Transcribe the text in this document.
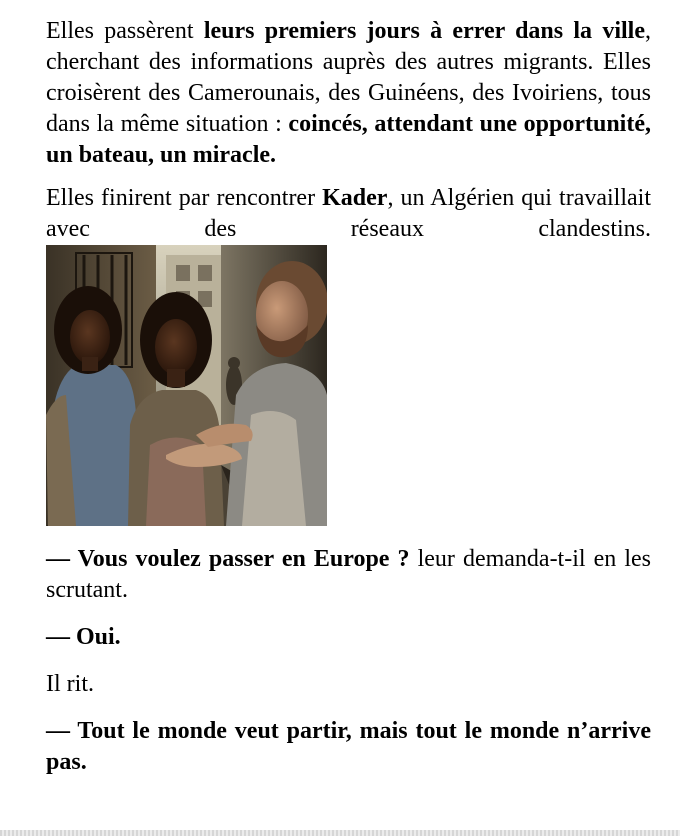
Elles passèrent leurs premiers jours à errer dans la ville, cherchant des informations auprès des autres migrants. Elles croisèrent des Camerounais, des Guinéens, des Ivoiriens, tous dans la même situation : coincés, attendant une opportunité, un bateau, un miracle.

Elles finirent par rencontrer Kader, un Algérien qui travaillait avec des réseaux clandestins.

— Vous voulez passer en Europe ? leur demanda-t-il en les scrutant.

— Oui.

Il rit.

— Tout le monde veut partir, mais tout le monde n’arrive pas.
